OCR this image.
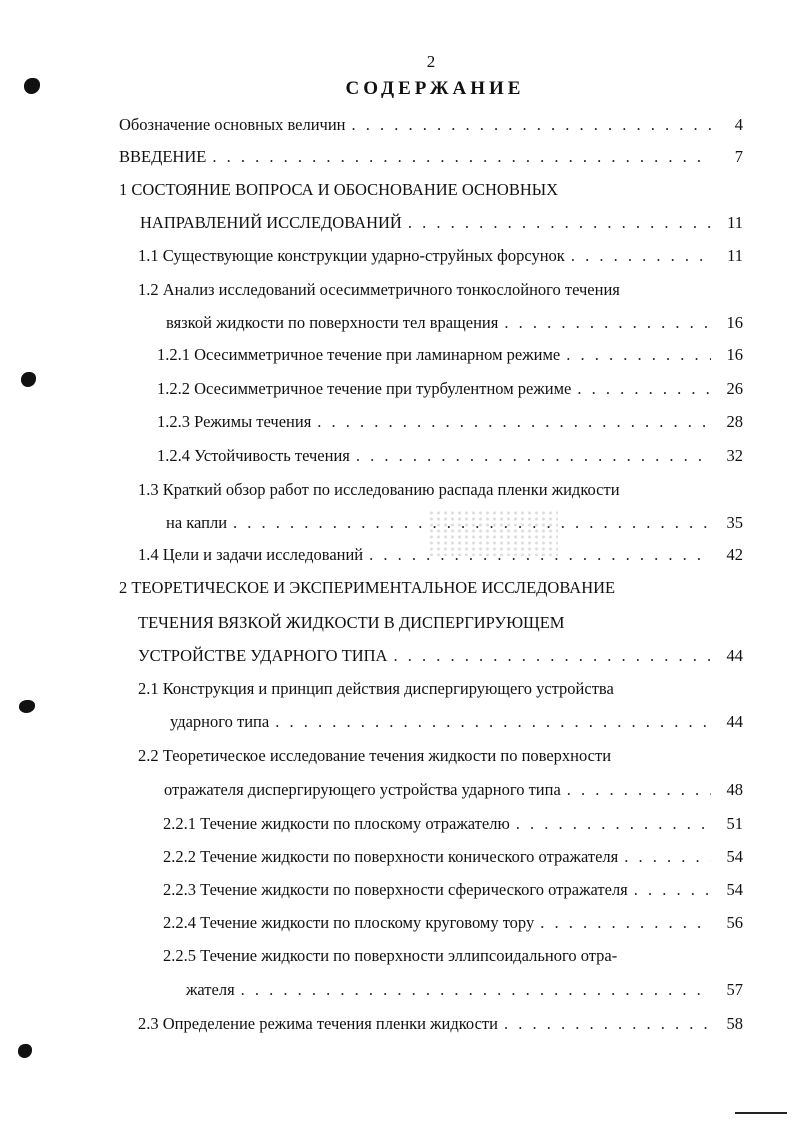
2
СОДЕРЖАНИЕ
Обозначение основных величин . . .	4
ВВЕДЕНИЕ . . .	7
1 СОСТОЯНИЕ ВОПРОСА И ОБОСНОВАНИЕ ОСНОВНЫХ
НАПРАВЛЕНИЙ ИССЛЕДОВАНИЙ . . .	11
1.1 Существующие конструкции ударно-струйных форсунок . . .	11
1.2 Анализ исследований осесимметричного тонкослойного течения
вязкой жидкости по поверхности тел вращения . . .	16
1.2.1 Осесимметричное течение при ламинарном режиме . . .	16
1.2.2 Осесимметричное течение при турбулентном режиме . . .	26
1.2.3 Режимы течения . . .	28
1.2.4 Устойчивость течения . . .	32
1.3 Краткий обзор работ по исследованию распада пленки жидкости
на капли . . .	35
1.4 Цели и задачи исследований . . .	42
2 ТЕОРЕТИЧЕСКОЕ И ЭКСПЕРИМЕНТАЛЬНОЕ ИССЛЕДОВАНИЕ
ТЕЧЕНИЯ ВЯЗКОЙ ЖИДКОСТИ В ДИСПЕРГИРУЮЩЕМ
УСТРОЙСТВЕ УДАРНОГО ТИПА . . .	44
2.1 Конструкция и принцип действия диспергирующего устройства
ударного типа . . .	44
2.2 Теоретическое исследование течения жидкости по поверхности
отражателя диспергирующего устройства ударного типа . . .	48
2.2.1 Течение жидкости по плоскому отражателю . . .	51
2.2.2 Течение жидкости по поверхности конического отражателя . . .	54
2.2.3 Течение жидкости по поверхности сферического отражателя . . .	54
2.2.4 Течение жидкости по плоскому круговому тору . . .	56
2.2.5 Течение жидкости по поверхности эллипсоидального отра-
жателя . . .	57
2.3 Определение режима течения пленки жидкости . . .	58
